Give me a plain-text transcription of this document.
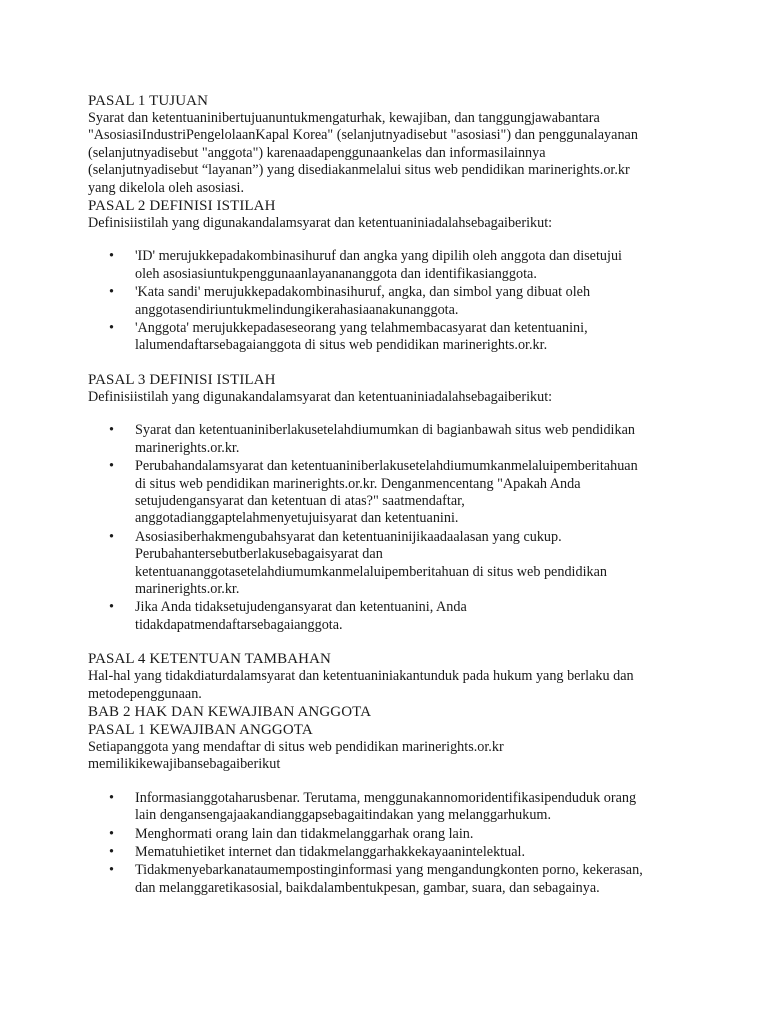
PASAL 1 TUJUAN
Syarat dan ketentuaninibertujuanuntukmengaturhak, kewajiban, dan tanggungjawabantara
"AsosiasiIndustriPengelolaanKapal Korea" (selanjutnyadisebut "asosiasi") dan penggunalayanan
(selanjutnyadisebut "anggota") karenaadapenggunaankelas dan informasilainnya
(selanjutnyadisebut “layanan”) yang disediakanmelalui situs web pendidikan marinerights.or.kr
yang dikelola oleh asosiasi.
PASAL 2 DEFINISI ISTILAH
Definisiistilah yang digunakandalamsyarat dan ketentuaniniadalahsebagaiberikut:
• 'ID' merujukkepadakombinasihuruf dan angka yang dipilih oleh anggota dan disetujui
oleh asosiasiuntukpenggunaanlayanananggota dan identifikasianggota.
• 'Kata sandi' merujukkepadakombinasihuruf, angka, dan simbol yang dibuat oleh
anggotasendiriuntukmelindungikerahasiaanakunanggota.
• 'Anggota' merujukkepadaseseorang yang telahmembacasyarat dan ketentuanini,
lalumendaftarsebagaianggota di situs web pendidikan marinerights.or.kr.
PASAL 3 DEFINISI ISTILAH
Definisiistilah yang digunakandalamsyarat dan ketentuaniniadalahsebagaiberikut:
• Syarat dan ketentuaniniberlakusetelahdiumumkan di bagianbawah situs web pendidikan
marinerights.or.kr.
• Perubahandalamsyarat dan ketentuaniniberlakusetelahdiumumkanmelaluipemberitahuan
di situs web pendidikan marinerights.or.kr. Denganmencentang "Apakah Anda
setujudengansyarat dan ketentuan di atas?" saatmendaftar,
anggotadianggaptelahmenyetujuisyarat dan ketentuanini.
• Asosiasiberhakmengubahsyarat dan ketentuaninijikaadaalasan yang cukup.
Perubahantersebutberlakusebagaisyarat dan
ketentuananggotasetelahdiumumkanmelaluipemberitahuan di situs web pendidikan
marinerights.or.kr.
• Jika Anda tidaksetujudengansyarat dan ketentuanini, Anda
tidakdapatmendaftarsebagaianggota.
PASAL 4 KETENTUAN TAMBAHAN
Hal-hal yang tidakdiaturdalamsyarat dan ketentuaniniakantunduk pada hukum yang berlaku dan
metodepenggunaan.
BAB 2 HAK DAN KEWAJIBAN ANGGOTA
PASAL 1 KEWAJIBAN ANGGOTA
Setiapanggota yang mendaftar di situs web pendidikan marinerights.or.kr
memilikikewajibansebagaiberikut
• Informasianggotaharusbenar. Terutama, menggunakannomoridentifikasipenduduk orang
lain dengansengajaakandianggapsebagaitindakan yang melanggarhukum.
• Menghormati orang lain dan tidakmelanggarhak orang lain.
• Mematuhietiket internet dan tidakmelanggarhakkekayaanintelektual.
• Tidakmenyebarkanataumempostinginformasi yang mengandungkonten porno, kekerasan,
dan melanggaretikasosial, baikdalambentukpesan, gambar, suara, dan sebagainya.
